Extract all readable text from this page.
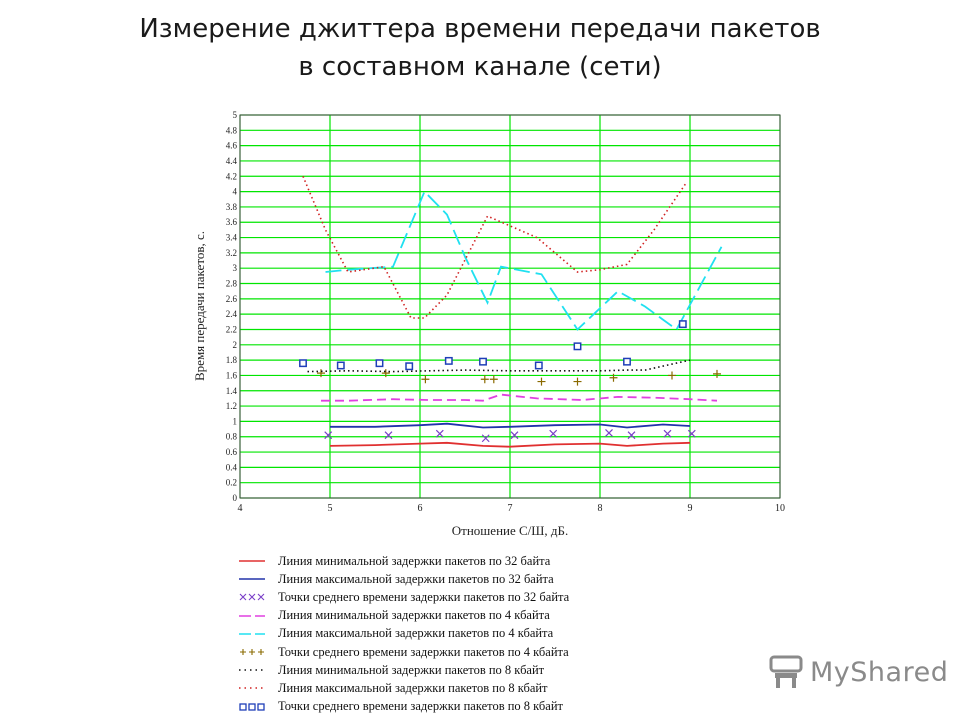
Измерение джиттера времени передачи пакетов
в составном канале (сети)
0
0.2
0.4
0.6
0.8
1
1.2
1.4
1.6
1.8
2
2.2
2.4
2.6
2.8
3
3.2
3.4
3.6
3.8
4
4.2
4.4
4.6
4.8
5
4	5	6	7	8	9	10
Время передачи пакетов, с.
Отношение С/Ш, дБ.
Линия минимальной задержки пакетов по 32 байта
Линия максимальной задержки пакетов по 32 байта
Точки среднего времени задержки пакетов по 32 байта
Линия минимальной задержки пакетов по 4 кбайта
Линия максимальной задержки пакетов по 4 кбайта
Точки среднего времени задержки пакетов по 4 кбайта
Линия минимальной задержки пакетов по 8 кбайт
Линия максимальной задержки пакетов по 8 кбайт
Точки среднего времени задержки пакетов по 8 кбайт
MyShared
